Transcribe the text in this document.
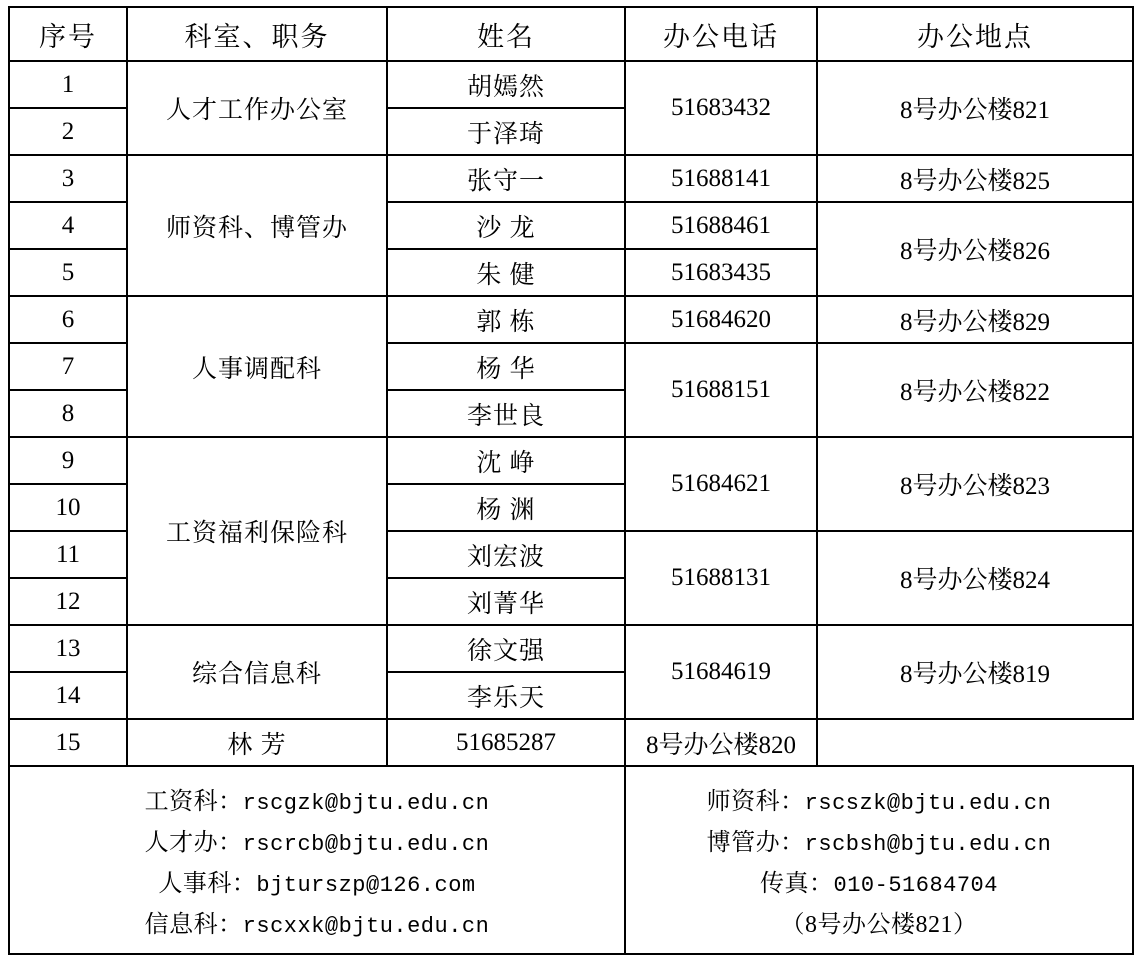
序号	科室、职务	姓名	办公电话	办公地点
1	人才工作办公室	胡嫣然	51683432	8号办公楼821
2		于泽琦		
3	师资科、博管办	张守一	51688141	8号办公楼825
4		沙 龙	51688461	8号办公楼826
5		朱 健	51683435	
6	人事调配科	郭 栋	51684620	8号办公楼829
7		杨 华	51688151	8号办公楼822
8		李世良		
9	工资福利保险科	沈 峥	51684621	8号办公楼823
10		杨 渊		
11		刘宏波	51688131	8号办公楼824
12		刘菁华		
13	综合信息科	徐文强	51684619	8号办公楼819
14		李乐天		
15	林 芳	51685287	8号办公楼820	

工资科：rscgzk@bjtu.edu.cn
人才办：rscrcb@bjtu.edu.cn
人事科：bjturszp@126.com
信息科：rscxxk@bjtu.edu.cn

师资科：rscszk@bjtu.edu.cn
博管办：rscbsh@bjtu.edu.cn
传真：010-51684704
（8号办公楼821）
